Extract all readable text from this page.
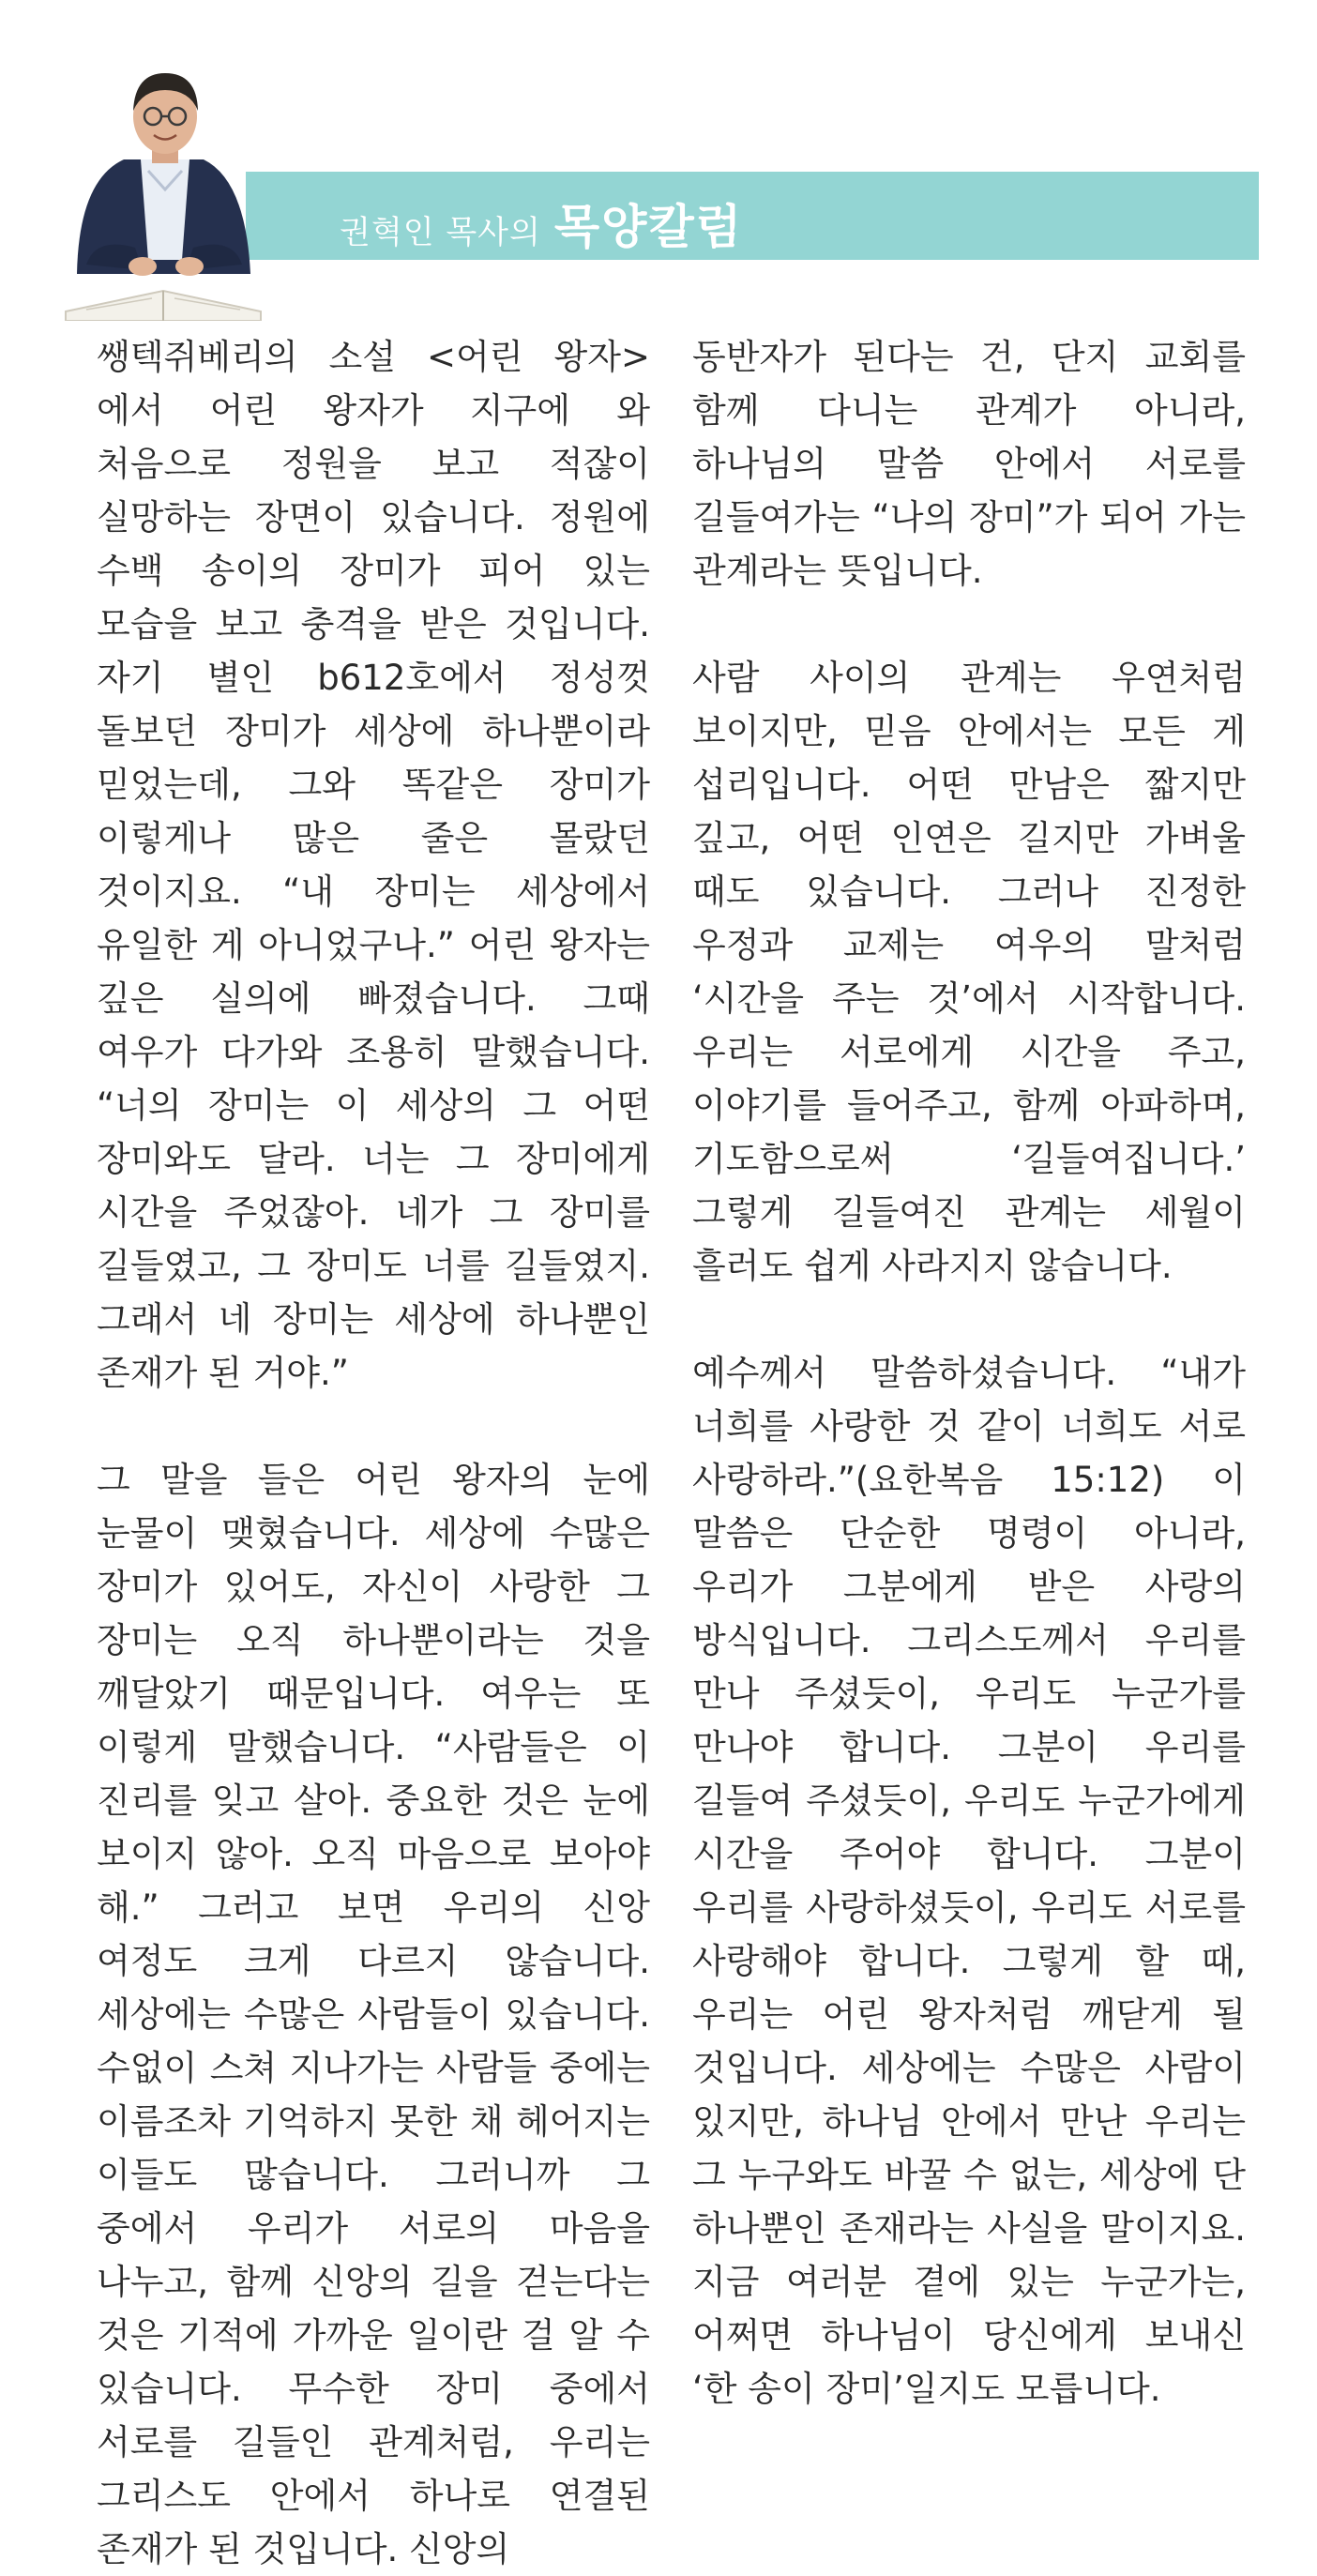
권혁인 목사의 목양칼럼

쌩텍쥐베리의 소설 <어린 왕자>에서 어린 왕자가 지구에 와 처음으로 정원을 보고 적잖이 실망하는 장면이 있습니다. 정원에 수백 송이의 장미가 피어 있는 모습을 보고 충격을 받은 것입니다. 자기 별인 b612호에서 정성껏 돌보던 장미가 세상에 하나뿐이라 믿었는데, 그와 똑같은 장미가 이렇게나 많은 줄은 몰랐던 것이지요. “내 장미는 세상에서 유일한 게 아니었구나.” 어린 왕자는 깊은 실의에 빠졌습니다. 그때 여우가 다가와 조용히 말했습니다. “너의 장미는 이 세상의 그 어떤 장미와도 달라. 너는 그 장미에게 시간을 주었잖아. 네가 그 장미를 길들였고, 그 장미도 너를 길들였지. 그래서 네 장미는 세상에 하나뿐인 존재가 된 거야.”

그 말을 들은 어린 왕자의 눈에 눈물이 맺혔습니다. 세상에 수많은 장미가 있어도, 자신이 사랑한 그 장미는 오직 하나뿐이라는 것을 깨달았기 때문입니다. 여우는 또 이렇게 말했습니다. “사람들은 이 진리를 잊고 살아. 중요한 것은 눈에 보이지 않아. 오직 마음으로 보아야 해.” 그러고 보면 우리의 신앙 여정도 크게 다르지 않습니다. 세상에는 수많은 사람들이 있습니다. 수없이 스쳐 지나가는 사람들 중에는 이름조차 기억하지 못한 채 헤어지는 이들도 많습니다. 그러니까 그 중에서 우리가 서로의 마음을 나누고, 함께 신앙의 길을 걷는다는 것은 기적에 가까운 일이란 걸 알 수 있습니다. 무수한 장미 중에서 서로를 길들인 관계처럼, 우리는 그리스도 안에서 하나로 연결된 존재가 된 것입니다. 신앙의

동반자가 된다는 건, 단지 교회를 함께 다니는 관계가 아니라, 하나님의 말씀 안에서 서로를 길들여가는 “나의 장미”가 되어 가는 관계라는 뜻입니다.

사람 사이의 관계는 우연처럼 보이지만, 믿음 안에서는 모든 게 섭리입니다. 어떤 만남은 짧지만 깊고, 어떤 인연은 길지만 가벼울 때도 있습니다. 그러나 진정한 우정과 교제는 여우의 말처럼 ‘시간을 주는 것’에서 시작합니다. 우리는 서로에게 시간을 주고, 이야기를 들어주고, 함께 아파하며, 기도함으로써 ‘길들여집니다.’ 그렇게 길들여진 관계는 세월이 흘러도 쉽게 사라지지 않습니다.

예수께서 말씀하셨습니다. “내가 너희를 사랑한 것 같이 너희도 서로 사랑하라.”(요한복음 15:12) 이 말씀은 단순한 명령이 아니라, 우리가 그분에게 받은 사랑의 방식입니다. 그리스도께서 우리를 만나 주셨듯이, 우리도 누군가를 만나야 합니다. 그분이 우리를 길들여 주셨듯이, 우리도 누군가에게 시간을 주어야 합니다. 그분이 우리를 사랑하셨듯이, 우리도 서로를 사랑해야 합니다. 그렇게 할 때, 우리는 어린 왕자처럼 깨닫게 될 것입니다. 세상에는 수많은 사람이 있지만, 하나님 안에서 만난 우리는 그 누구와도 바꿀 수 없는, 세상에 단 하나뿐인 존재라는 사실을 말이지요. 지금 여러분 곁에 있는 누군가는, 어쩌면 하나님이 당신에게 보내신 ‘한 송이 장미’일지도 모릅니다.
